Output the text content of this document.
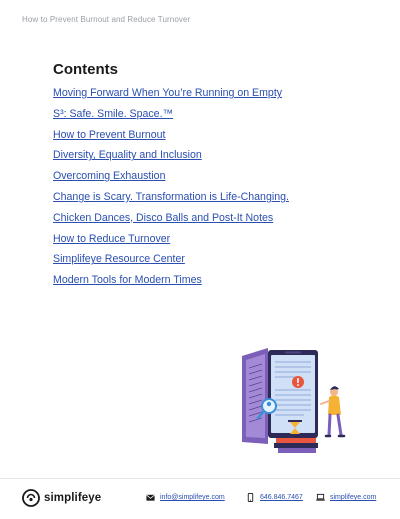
How to Prevent Burnout and Reduce Turnover
Contents
Moving Forward When You’re Running on Empty
S³: Safe. Smile. Space.™
How to Prevent Burnout
Diversity, Equality and Inclusion
Overcoming Exhaustion
Change is Scary. Transformation is Life-Changing.
Chicken Dances, Disco Balls and Post-It Notes
How to Reduce Turnover
Simplifeye Resource Center
Modern Tools for Modern Times
simplifeye	info@simplifeye.com	646.846.7467	simplifeye.com
